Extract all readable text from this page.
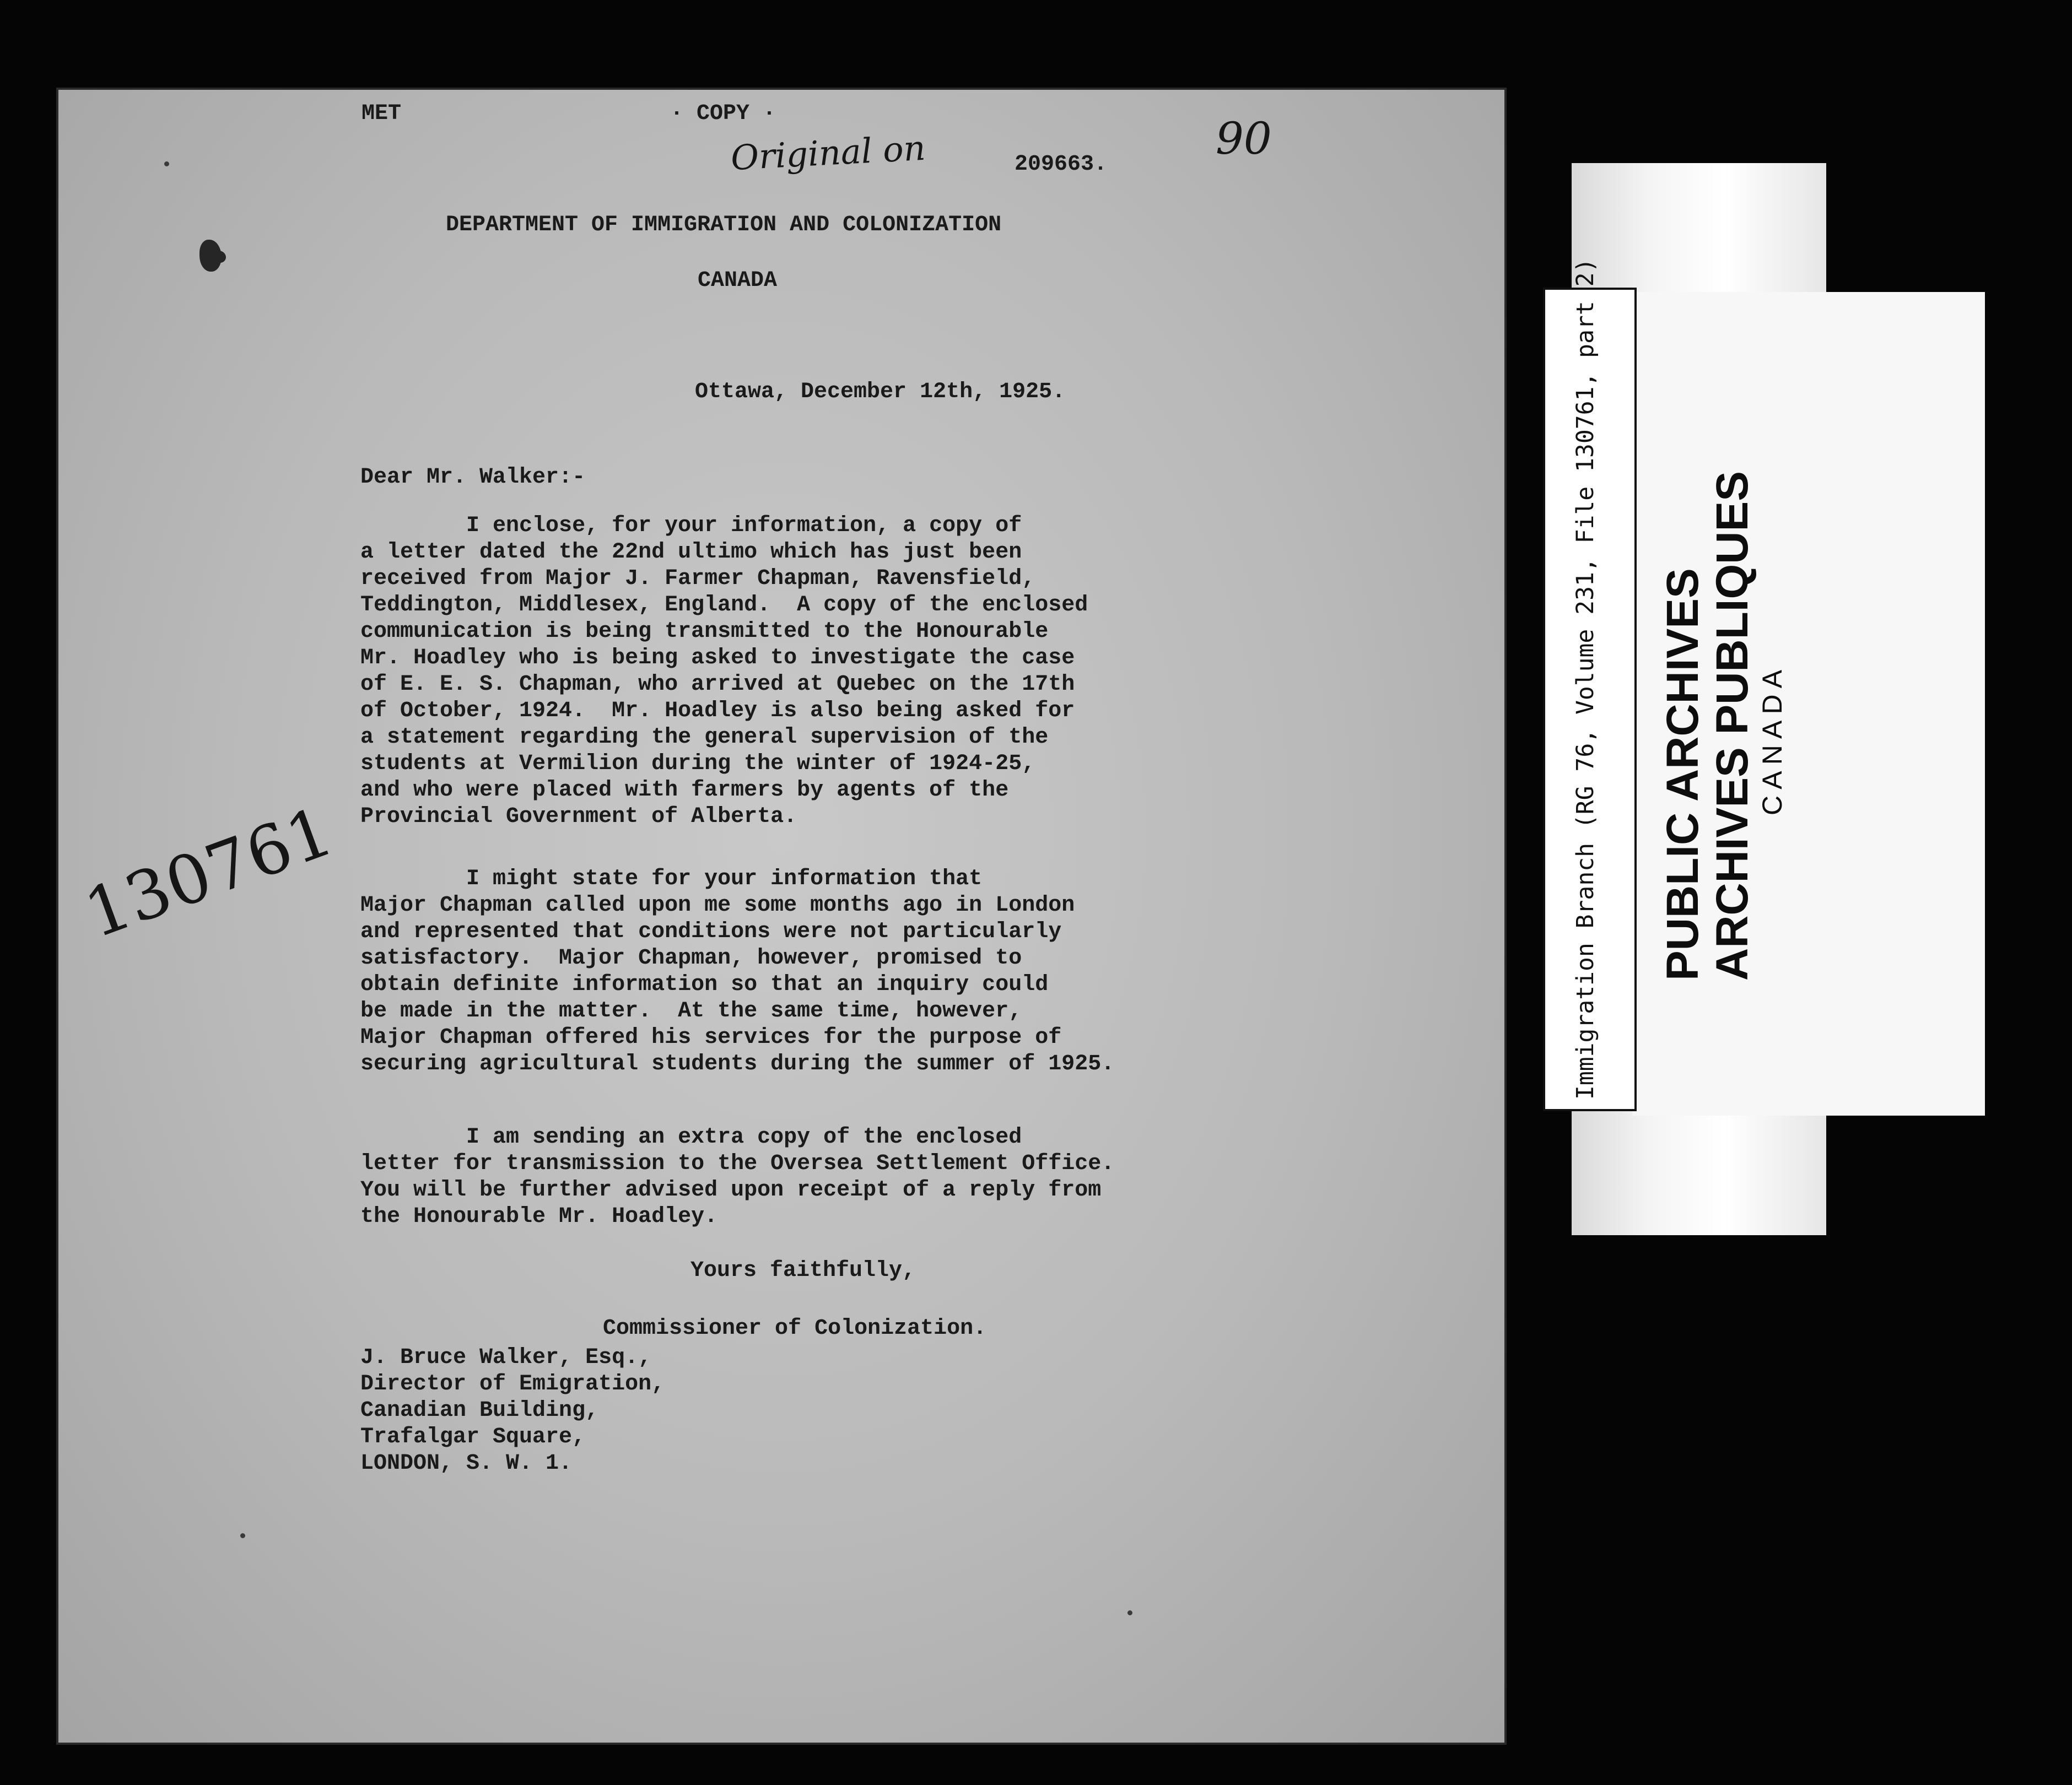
MET	· COPY ·

Original on	209663.

90

DEPARTMENT OF IMMIGRATION AND COLONIZATION

CANADA

Ottawa, December 12th, 1925.

Dear Mr. Walker:-

I enclose, for your information, a copy of
a letter dated the 22nd ultimo which has just been
received from Major J. Farmer Chapman, Ravensfield,
Teddington, Middlesex, England.  A copy of the enclosed
communication is being transmitted to the Honourable
Mr. Hoadley who is being asked to investigate the case
of E. E. S. Chapman, who arrived at Quebec on the 17th
of October, 1924.  Mr. Hoadley is also being asked for
a statement regarding the general supervision of the
students at Vermilion during the winter of 1924-25,
and who were placed with farmers by agents of the
Provincial Government of Alberta.

I might state for your information that
Major Chapman called upon me some months ago in London
and represented that conditions were not particularly
satisfactory.  Major Chapman, however, promised to
obtain definite information so that an inquiry could
be made in the matter.  At the same time, however,
Major Chapman offered his services for the purpose of
securing agricultural students during the summer of 1925.

I am sending an extra copy of the enclosed
letter for transmission to the Oversea Settlement Office.
You will be further advised upon receipt of a reply from
the Honourable Mr. Hoadley.

Yours faithfully,

Commissioner of Colonization.

J. Bruce Walker, Esq.,
Director of Emigration,
Canadian Building,
Trafalgar Square,
LONDON, S. W. 1.

130761	PUBLIC ARCHIVES ARCHIVES PUBLIQUES C A N A D A
Immigration Branch (RG 76, Volume 231, File 130761, part 2)
